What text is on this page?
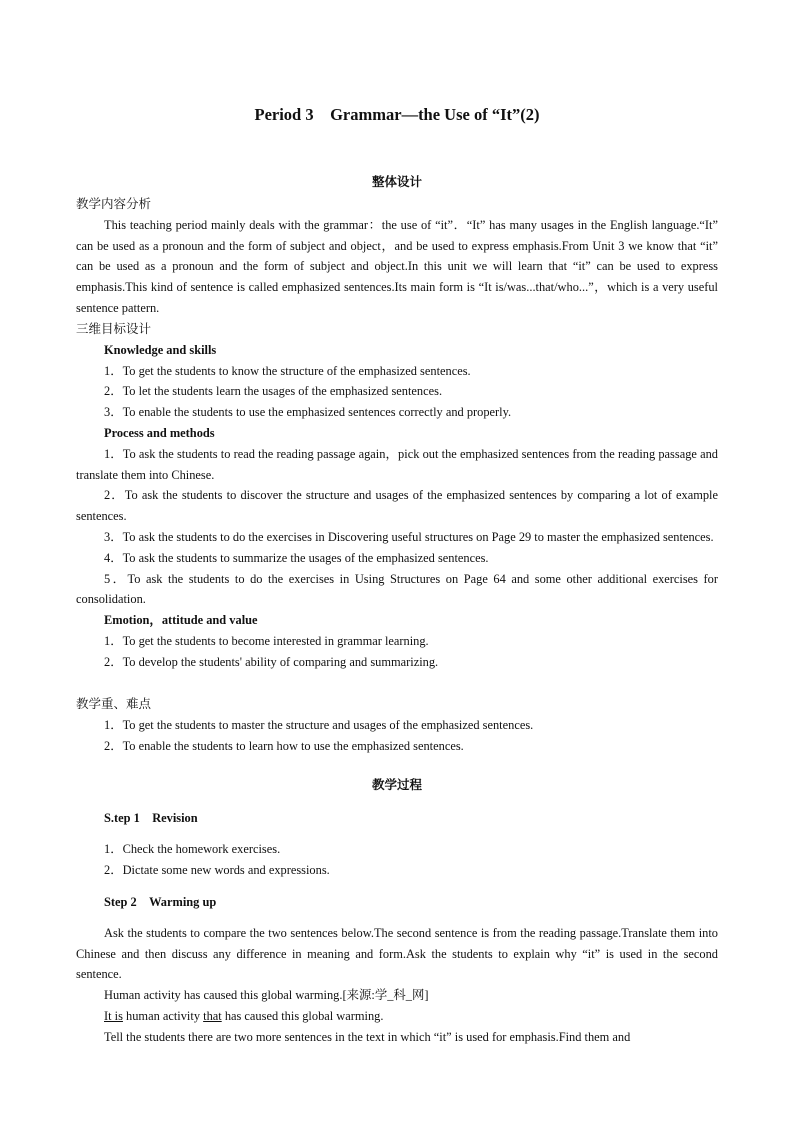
Period 3　Grammar—the Use of “It”(2)
整体设计
教学内容分析

This teaching period mainly deals with the grammar：the use of “it”．“It” has many usages in the English language.“It” can be used as a pronoun and the form of subject and object，and be used to express emphasis.From Unit 3 we know that “it” can be used as a pronoun and the form of subject and object.In this unit we will learn that “it” can be used to express emphasis.This kind of sentence is called emphasized sentences.Its main form is “It is/was...that/who...”，which is a very useful sentence pattern.

三维目标设计

Knowledge and skills

1．To get the students to know the structure of the emphasized sentences.

2．To let the students learn the usages of the emphasized sentences.

3．To enable the students to use the emphasized sentences correctly and properly.

Process and methods

1．To ask the students to read the reading passage again，pick out the emphasized sentences from the reading passage and translate them into Chinese.

2．To ask the students to discover the structure and usages of the emphasized sentences by comparing a lot of example sentences.

3．To ask the students to do the exercises in Discovering useful structures on Page 29 to master the emphasized sentences.

4．To ask the students to summarize the usages of the emphasized sentences.

5．To ask the students to do the exercises in Using Structures on Page 64 and some other additional exercises for consolidation.

Emotion，attitude and value

1．To get the students to become interested in grammar learning.

2．To develop the students' ability of comparing and summarizing.

教学重、难点

1．To get the students to master the structure and usages of the emphasized sentences.

2．To enable the students to learn how to use the emphasized sentences.

教学过程

S.tep 1　Revision

1．Check the homework exercises.

2．Dictate some new words and expressions.

Step 2　Warming up

Ask the students to compare the two sentences below.The second sentence is from the reading passage.Translate them into Chinese and then discuss any difference in meaning and form.Ask the students to explain why “it” is used in the second sentence.

Human activity has caused this global warming.[来源:学_科_网]

It is human activity that has caused this global warming.

Tell the students there are two more sentences in the text in which “it” is used for emphasis.Find them and
